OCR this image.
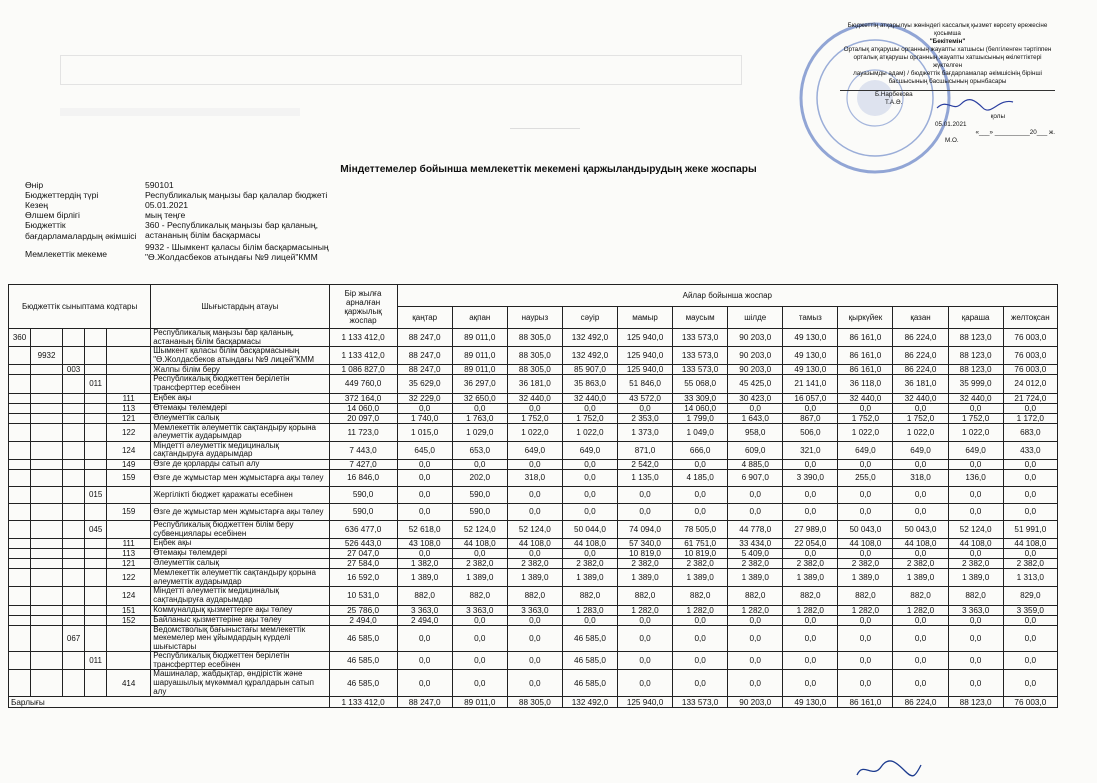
Бюджеттің атқарылуы жөніндегі кассалық қызмет көрсету ережесіне
қосымша
"Бекітемін"
Орталық атқарушы органның жауапты хатшысы (белгіленген тәртіппен
орталық атқарушы органның жауапты хатшысының өкілеттіктері жүктелген
лауазымды адам) / бюджеттік бағдарламалар әкімшісінің бірінші
басшысының басшысының орынбасары
Б.Нарбекова
Т.А.Ә.
қолы
05.01.2021
«___» __________20___ ж.
М.О.
Міндеттемелер бойынша мемлекеттік мекемені қаржыландырудың жеке жоспары
Өнір	590101
Бюджеттердің түрі	Республикалық маңызы бар қалалар бюджеті
Кезең	05.01.2021
Өлшем бірлігі	мың теңге
Бюджеттік бағдарламалардың әкімшісі
360 - Республикалық маңызы бар қаланың, астананың білім басқармасы
Мемлекеттік мекеме
9932 - Шымкент қаласы білім басқармасының "Ө.Жолдасбеков атындағы №9 лицей"КММ
Бюджеттік сыныптама кодтары					Шығыстардың атауы	Бір жылға арналған қаржылық жоспар	Айлар бойынша жоспар											
							қаңтар	ақпан	наурыз	сәуір	мамыр	маусым	шілде	тамыз	қыркүйек	қазан	қараша	желтоқсан
360					Республикалық маңызы бар қаланың, астананың білім басқармасы	1 133 412,0	88 247,0	89 011,0	88 305,0	132 492,0	125 940,0	133 573,0	90 203,0	49 130,0	86 161,0	86 224,0	88 123,0	76 003,0
	9932				Шымкент қаласы білім басқармасының "Ө.Жолдасбеков атындағы №9 лицей"КММ	1 133 412,0	88 247,0	89 011,0	88 305,0	132 492,0	125 940,0	133 573,0	90 203,0	49 130,0	86 161,0	86 224,0	88 123,0	76 003,0
		003			Жалпы білім беру	1 086 827,0	88 247,0	89 011,0	88 305,0	85 907,0	125 940,0	133 573,0	90 203,0	49 130,0	86 161,0	86 224,0	88 123,0	76 003,0
			011		Республикалық бюджеттен берілетін трансферттер есебінен	449 760,0	35 629,0	36 297,0	36 181,0	35 863,0	51 846,0	55 068,0	45 425,0	21 141,0	36 118,0	36 181,0	35 999,0	24 012,0
				111	Еңбек ақы	372 164,0	32 229,0	32 650,0	32 440,0	32 440,0	43 572,0	33 309,0	30 423,0	16 057,0	32 440,0	32 440,0	32 440,0	21 724,0
				113	Өтемақы төлемдері	14 060,0	0,0	0,0	0,0	0,0	0,0	14 060,0	0,0	0,0	0,0	0,0	0,0	0,0
				121	Әлеуметтік салық	20 097,0	1 740,0	1 763,0	1 752,0	1 752,0	2 353,0	1 799,0	1 643,0	867,0	1 752,0	1 752,0	1 752,0	1 172,0
				122	Мемлекеттік әлеуметтік сақтандыру қорына әлеуметтік аударымдар	11 723,0	1 015,0	1 029,0	1 022,0	1 022,0	1 373,0	1 049,0	958,0	506,0	1 022,0	1 022,0	1 022,0	683,0
				124	Міндетті әлеуметтік медициналық сақтандыруға аударымдар	7 443,0	645,0	653,0	649,0	649,0	871,0	666,0	609,0	321,0	649,0	649,0	649,0	433,0
				149	Өзге де қорларды сатып алу	7 427,0	0,0	0,0	0,0	0,0	2 542,0	0,0	4 885,0	0,0	0,0	0,0	0,0	0,0
				159	Өзге де жұмыстар мен жұмыстарға ақы төлеу	16 846,0	0,0	202,0	318,0	0,0	1 135,0	4 185,0	6 907,0	3 390,0	255,0	318,0	136,0	0,0
			015		Жергілікті бюджет қаражаты есебінен	590,0	0,0	590,0	0,0	0,0	0,0	0,0	0,0	0,0	0,0	0,0	0,0	0,0
				159	Өзге де жұмыстар мен жұмыстарға ақы төлеу	590,0	0,0	590,0	0,0	0,0	0,0	0,0	0,0	0,0	0,0	0,0	0,0	0,0
			045		Республикалық бюджеттен білім беру субвенциялары есебінен	636 477,0	52 618,0	52 124,0	52 124,0	50 044,0	74 094,0	78 505,0	44 778,0	27 989,0	50 043,0	50 043,0	52 124,0	51 991,0
				111	Еңбек ақы	526 443,0	43 108,0	44 108,0	44 108,0	44 108,0	57 340,0	61 751,0	33 434,0	22 054,0	44 108,0	44 108,0	44 108,0	44 108,0
				113	Өтемақы төлемдері	27 047,0	0,0	0,0	0,0	0,0	10 819,0	10 819,0	5 409,0	0,0	0,0	0,0	0,0	0,0
				121	Әлеуметтік салық	27 584,0	1 382,0	2 382,0	2 382,0	2 382,0	2 382,0	2 382,0	2 382,0	2 382,0	2 382,0	2 382,0	2 382,0	2 382,0
				122	Мемлекеттік әлеуметтік сақтандыру қорына әлеуметтік аударымдар	16 592,0	1 389,0	1 389,0	1 389,0	1 389,0	1 389,0	1 389,0	1 389,0	1 389,0	1 389,0	1 389,0	1 389,0	1 313,0
				124	Міндетті әлеуметтік медициналық сақтандыруға аударымдар	10 531,0	882,0	882,0	882,0	882,0	882,0	882,0	882,0	882,0	882,0	882,0	882,0	829,0
				151	Коммуналдық қызметтерге ақы төлеу	25 786,0	3 363,0	3 363,0	3 363,0	1 283,0	1 282,0	1 282,0	1 282,0	1 282,0	1 282,0	1 282,0	3 363,0	3 359,0
				152	Байланыс қызметтеріне ақы төлеу	2 494,0	2 494,0	0,0	0,0	0,0	0,0	0,0	0,0	0,0	0,0	0,0	0,0	0,0
		067			Ведомстволық бағыныстағы мемлекеттік мекемелер мен ұйымдардың күрделі шығыстары	46 585,0	0,0	0,0	0,0	46 585,0	0,0	0,0	0,0	0,0	0,0	0,0	0,0	0,0
			011		Республикалық бюджеттен берілетін трансферттер есебінен	46 585,0	0,0	0,0	0,0	46 585,0	0,0	0,0	0,0	0,0	0,0	0,0	0,0	0,0
				414	Машиналар, жабдықтар, өндірістік және шаруашылық мүкәммал құралдарын сатып алу	46 585,0	0,0	0,0	0,0	46 585,0	0,0	0,0	0,0	0,0	0,0	0,0	0,0	0,0
Барлығы						1 133 412,0	88 247,0	89 011,0	88 305,0	132 492,0	125 940,0	133 573,0	90 203,0	49 130,0	86 161,0	86 224,0	88 123,0	76 003,0
